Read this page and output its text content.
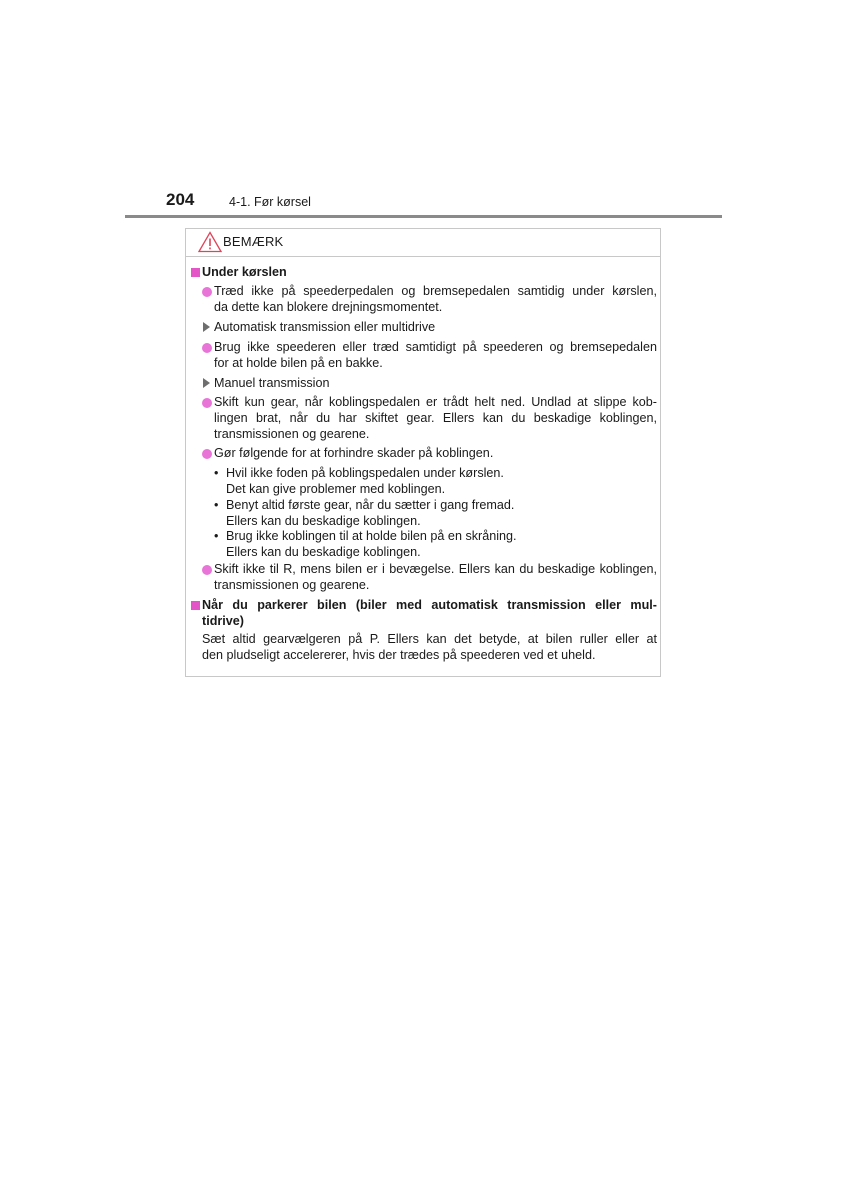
204	4-1. Før kørsel
BEMÆRK
Under kørslen
Træd ikke på speederpedalen og bremsepedalen samtidig under kørslen,
da dette kan blokere drejningsmomentet.
Automatisk transmission eller multidrive
Brug ikke speederen eller træd samtidigt på speederen og bremsepedalen
for at holde bilen på en bakke.
Manuel transmission
Skift kun gear, når koblingspedalen er trådt helt ned. Undlad at slippe kob-
lingen brat, når du har skiftet gear. Ellers kan du beskadige koblingen,
transmissionen og gearene.
Gør følgende for at forhindre skader på koblingen.
• Hvil ikke foden på koblingspedalen under kørslen.
Det kan give problemer med koblingen.
• Benyt altid første gear, når du sætter i gang fremad.
Ellers kan du beskadige koblingen.
• Brug ikke koblingen til at holde bilen på en skråning.
Ellers kan du beskadige koblingen.
Skift ikke til R, mens bilen er i bevægelse. Ellers kan du beskadige koblingen,
transmissionen og gearene.
Når du parkerer bilen (biler med automatisk transmission eller mul-
tidrive)
Sæt altid gearvælgeren på P. Ellers kan det betyde, at bilen ruller eller at
den pludseligt accelererer, hvis der trædes på speederen ved et uheld.
